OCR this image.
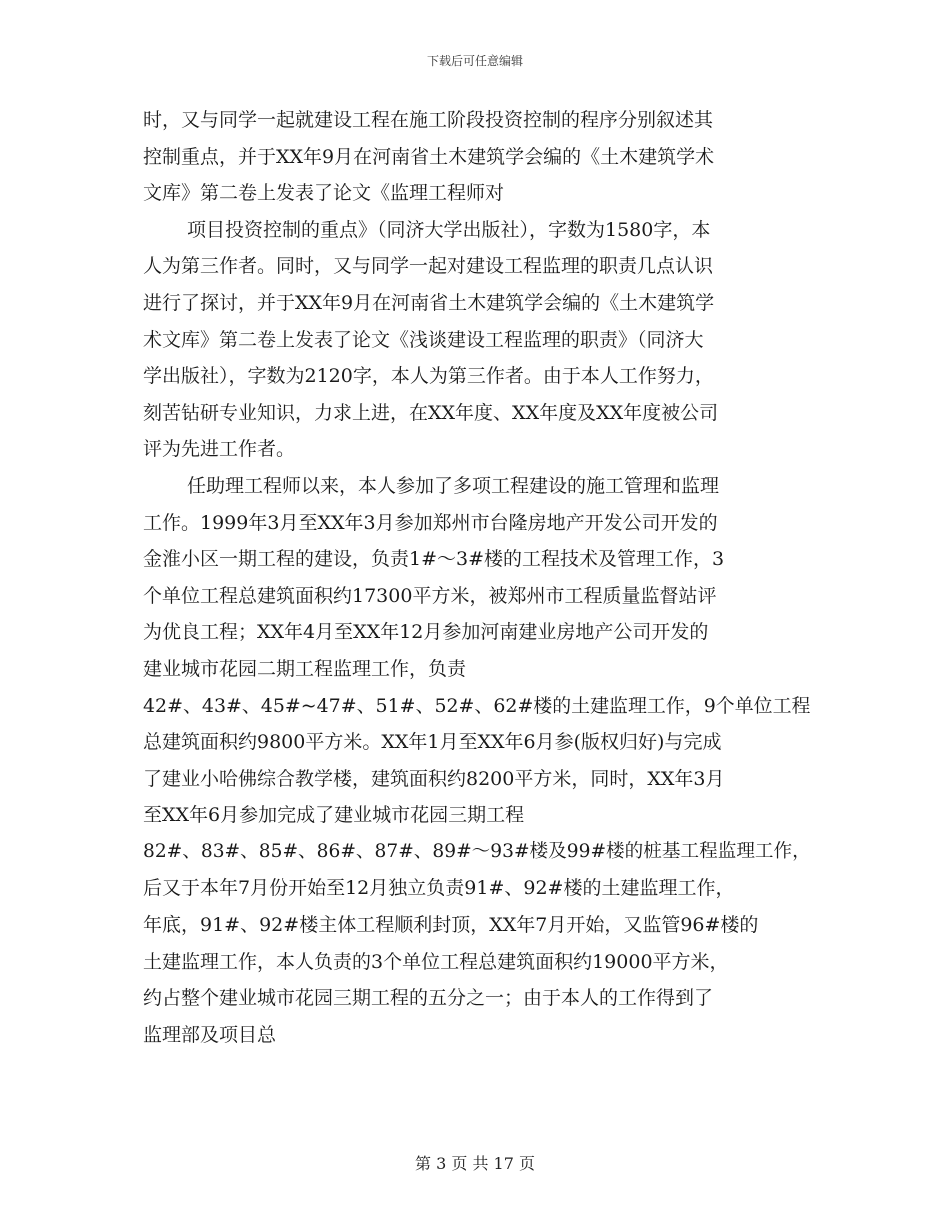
下载后可任意编辑
时，又与同学一起就建设工程在施工阶段投资控制的程序分别叙述其
控制重点，并于XX年9月在河南省土木建筑学会编的《土木建筑学术
文库》第二卷上发表了论文《监理工程师对
项目投资控制的重点》（同济大学出版社），字数为1580字，本
人为第三作者。同时，又与同学一起对建设工程监理的职责几点认识
进行了探讨，并于XX年9月在河南省土木建筑学会编的《土木建筑学
术文库》第二卷上发表了论文《浅谈建设工程监理的职责》（同济大
学出版社），字数为2120字，本人为第三作者。由于本人工作努力，
刻苦钻研专业知识，力求上进，在XX年度、XX年度及XX年度被公司
评为先进工作者。
任助理工程师以来，本人参加了多项工程建设的施工管理和监理
工作。1999年3月至XX年3月参加郑州市台隆房地产开发公司开发的
金淮小区一期工程的建设，负责1#～3#楼的工程技术及管理工作，3
个单位工程总建筑面积约17300平方米，被郑州市工程质量监督站评
为优良工程；XX年4月至XX年12月参加河南建业房地产公司开发的
建业城市花园二期工程监理工作，负责
42#、43#、45#~47#、51#、52#、62#楼的土建监理工作，9个单位工程
总建筑面积约9800平方米。XX年1月至XX年6月参(版权归好)与完成
了建业小哈佛综合教学楼，建筑面积约8200平方米，同时，XX年3月
至XX年6月参加完成了建业城市花园三期工程
82#、83#、85#、86#、87#、89#～93#楼及99#楼的桩基工程监理工作，
后又于本年7月份开始至12月独立负责91#、92#楼的土建监理工作，
年底，91#、92#楼主体工程顺利封顶，XX年7月开始，又监管96#楼的
土建监理工作，本人负责的3个单位工程总建筑面积约19000平方米，
约占整个建业城市花园三期工程的五分之一；由于本人的工作得到了
监理部及项目总
第 3 页 共 17 页
